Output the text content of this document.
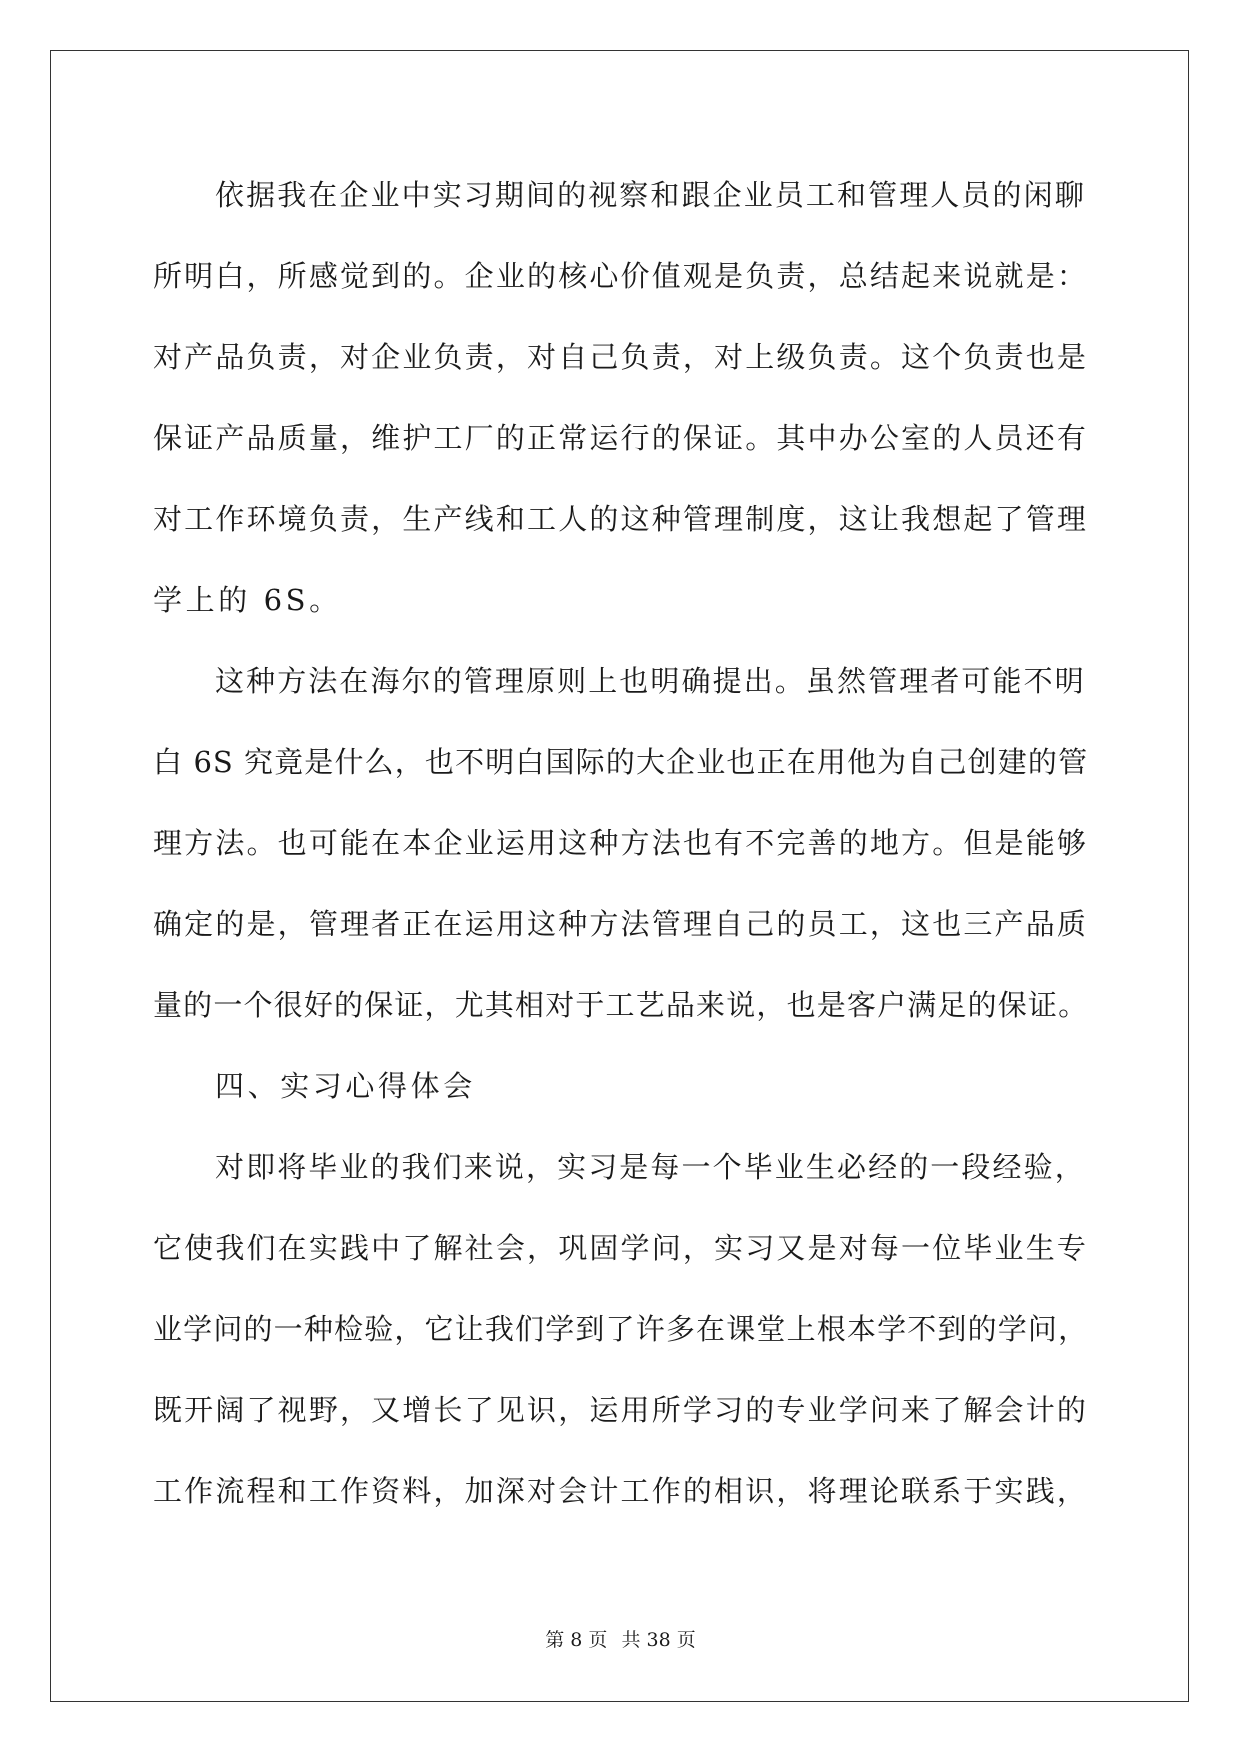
依据我在企业中实习期间的视察和跟企业员工和管理人员的闲聊
所明白，所感觉到的。企业的核心价值观是负责，总结起来说就是：
对产品负责，对企业负责，对自己负责，对上级负责。这个负责也是
保证产品质量，维护工厂的正常运行的保证。其中办公室的人员还有
对工作环境负责，生产线和工人的这种管理制度，这让我想起了管理
学上的 6S。
这种方法在海尔的管理原则上也明确提出。虽然管理者可能不明
白 6S 究竟是什么，也不明白国际的大企业也正在用他为自己创建的管
理方法。也可能在本企业运用这种方法也有不完善的地方。但是能够
确定的是，管理者正在运用这种方法管理自己的员工，这也三产品质
量的一个很好的保证，尤其相对于工艺品来说，也是客户满足的保证。
四、实习心得体会
对即将毕业的我们来说，实习是每一个毕业生必经的一段经验，
它使我们在实践中了解社会，巩固学问，实习又是对每一位毕业生专
业学问的一种检验，它让我们学到了许多在课堂上根本学不到的学问，
既开阔了视野，又增长了见识，运用所学习的专业学问来了解会计的
工作流程和工作资料，加深对会计工作的相识，将理论联系于实践，
第 8 页 共 38 页
